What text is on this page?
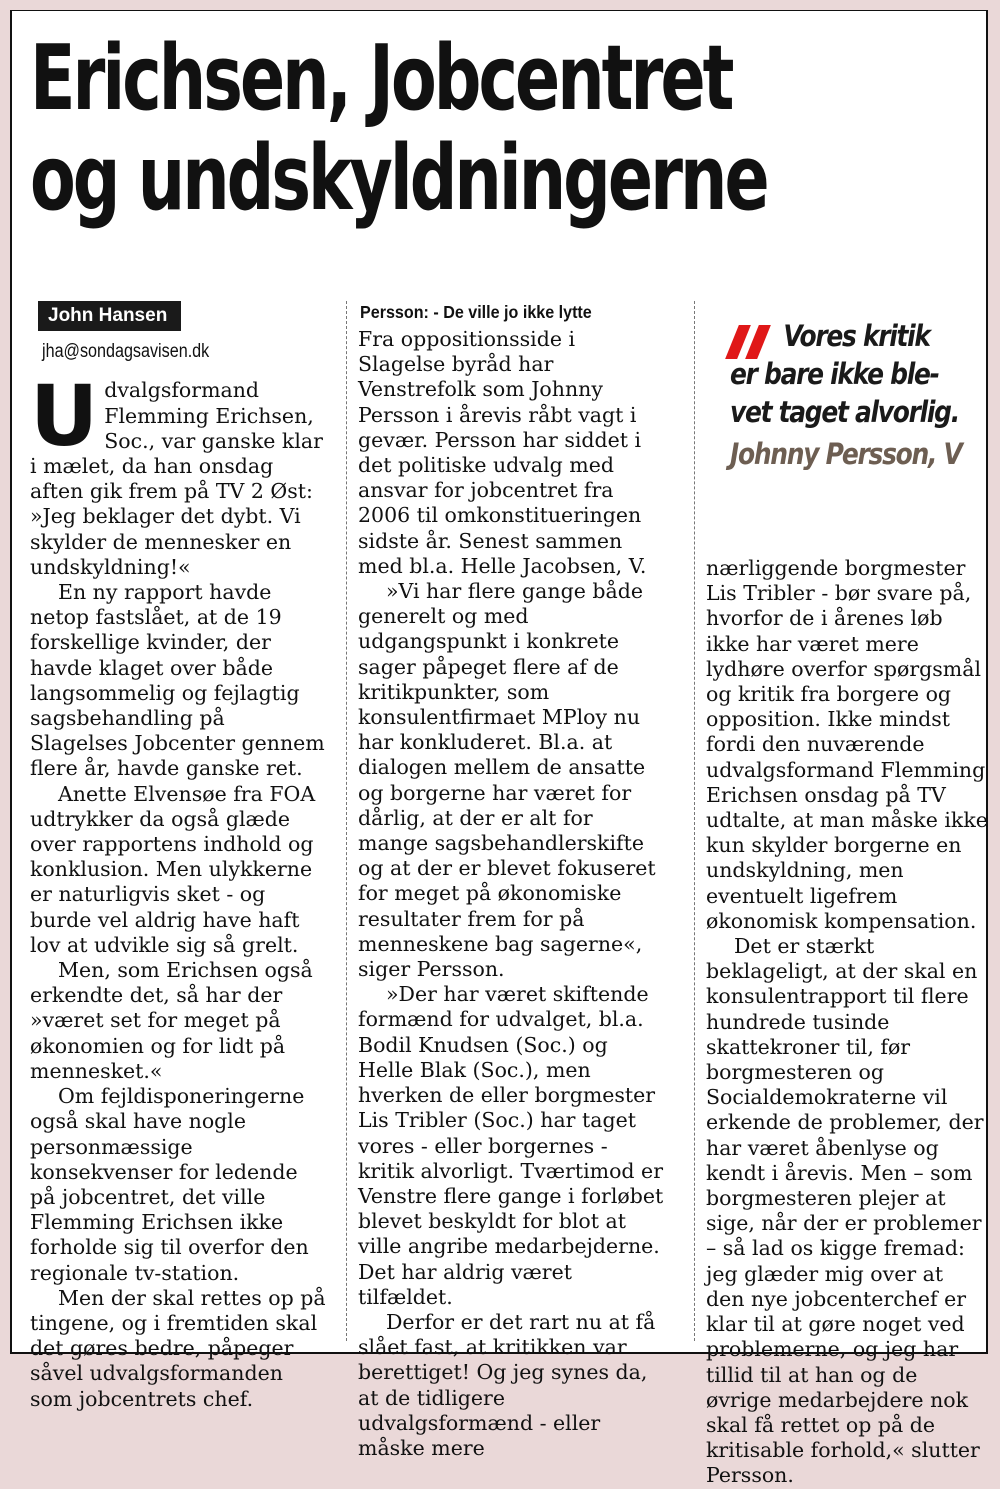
Erichsen, Jobcentret
og undskyldningerne
John Hansen
jha@sondagsavisen.dk
U dvalgsformand Flemming Erichsen, Soc., var ganske klar i mælet, da han onsdag aften gik frem på TV 2 Øst: »Jeg beklager det dybt. Vi skylder de mennesker en undskyldning!«

En ny rapport havde netop fastslået, at de 19 forskellige kvinder, der havde klaget over både langsommelig og fejlagtig sagsbehandling på Slagelses Jobcenter gennem flere år, havde ganske ret.

Anette Elvensøe fra FOA udtrykker da også glæde over rapportens indhold og konklusion. Men ulykkerne er naturligvis sket - og burde vel aldrig have haft lov at udvikle sig så grelt.

Men, som Erichsen også erkendte det, så har der »været set for meget på økonomien og for lidt på mennesket.«

Om fejldisponeringerne også skal have nogle personmæssige konsekvenser for ledende på jobcentret, det ville Flemming Erichsen ikke forholde sig til overfor den regionale tv-station.

Men der skal rettes op på tingene, og i fremtiden skal det gøres bedre, påpeger såvel udvalgsformanden som jobcentrets chef.

Persson: - De ville jo ikke lytte

Fra oppositionsside i Slagelse byråd har Venstrefolk som Johnny Persson i årevis råbt vagt i gevær. Persson har siddet i det politiske udvalg med ansvar for jobcentret fra 2006 til omkonstitueringen sidste år. Senest sammen med bl.a. Helle Jacobsen, V.

»Vi har flere gange både generelt og med udgangspunkt i konkrete sager påpeget flere af de kritikpunkter, som konsulentfirmaet MPloy nu har konkluderet. Bl.a. at dialogen mellem de ansatte og borgerne har været for dårlig, at der er alt for mange sagsbehandlerskifte og at der er blevet fokuseret for meget på økonomiske resultater frem for på menneskene bag sagerne«, siger Persson.

»Der har været skiftende formænd for udvalget, bl.a. Bodil Knudsen (Soc.) og Helle Blak (Soc.), men hverken de eller borgmester Lis Tribler (Soc.) har taget vores - eller borgernes - kritik alvorligt. Tværtimod er Venstre flere gange i forløbet blevet beskyldt for blot at ville angribe medarbejderne. Det har aldrig været tilfældet.

Derfor er det rart nu at få slået fast, at kritikken var berettiget! Og jeg synes da, at de tidligere udvalgsformænd - eller måske mere

Vores kritik
er bare ikke ble-
vet taget alvorlig.
Johnny Persson, V

nærliggende borgmester Lis Tribler - bør svare på, hvorfor de i årenes løb ikke har været mere lydhøre overfor spørgsmål og kritik fra borgere og opposition. Ikke mindst fordi den nuværende udvalgsformand Flemming Erichsen onsdag på TV udtalte, at man måske ikke kun skylder borgerne en undskyldning, men eventuelt ligefrem økonomisk kompensation.

Det er stærkt beklageligt, at der skal en konsulentrapport til flere hundrede tusinde skattekroner til, før borgmesteren og Socialdemokraterne vil erkende de problemer, der har været åbenlyse og kendt i årevis. Men – som borgmesteren plejer at sige, når der er problemer – så lad os kigge fremad: jeg glæder mig over at den nye jobcenterchef er klar til at gøre noget ved problemerne, og jeg har tillid til at han og de øvrige medarbejdere nok skal få rettet op på de kritisable forhold,« slutter Persson.
